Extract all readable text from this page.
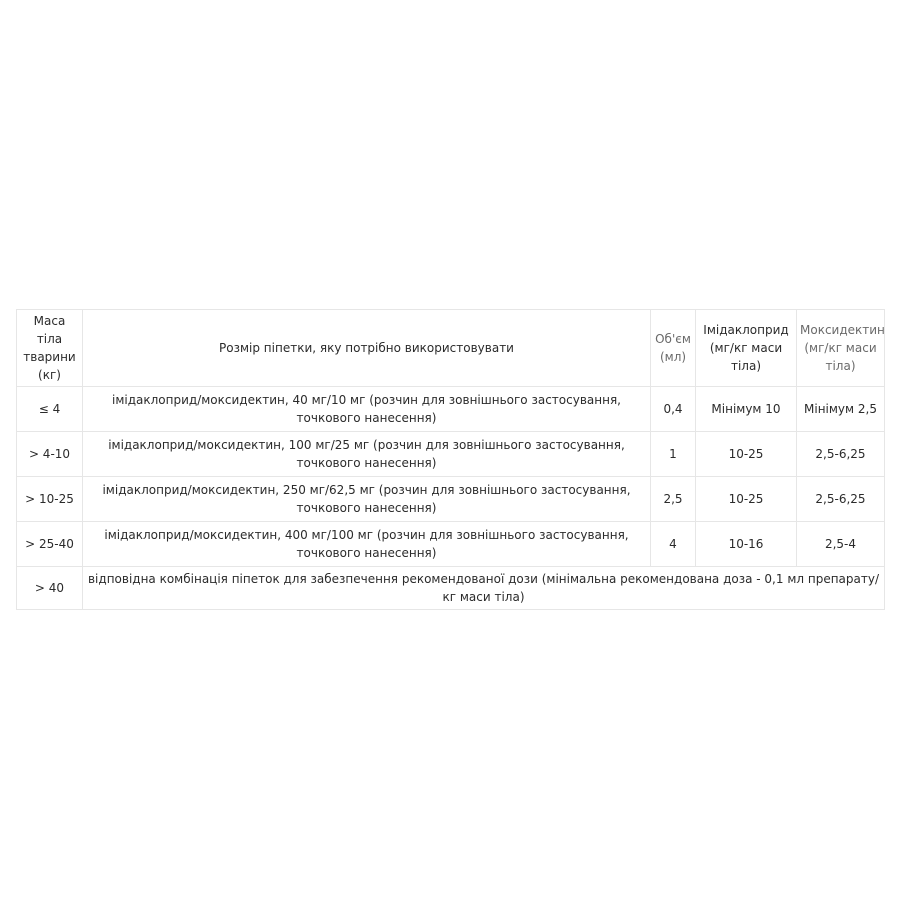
Маса тіла тварини (кг)	Розмір піпетки, яку потрібно використовувати	Об'єм (мл)	Імідаклоприд (мг/кг маси тіла)	Моксидектин (мг/кг маси тіла)
≤ 4	імідаклоприд/моксидектин, 40 мг/10 мг (розчин для зовнішнього застосування, точкового нанесення)	0,4	Мінімум 10	Мінімум 2,5
> 4-10	імідаклоприд/моксидектин, 100 мг/25 мг (розчин для зовнішнього застосування, точкового нанесення)	1	10-25	2,5-6,25
> 10-25	імідаклоприд/моксидектин, 250 мг/62,5 мг (розчин для зовнішнього застосування, точкового нанесення)	2,5	10-25	2,5-6,25
> 25-40	імідаклоприд/моксидектин, 400 мг/100 мг (розчин для зовнішнього застосування, точкового нанесення)	4	10-16	2,5-4
> 40	відповідна комбінація піпеток для забезпечення рекомендованої дози (мінімальна рекомендована доза - 0,1 мл препарату/кг маси тіла)			
